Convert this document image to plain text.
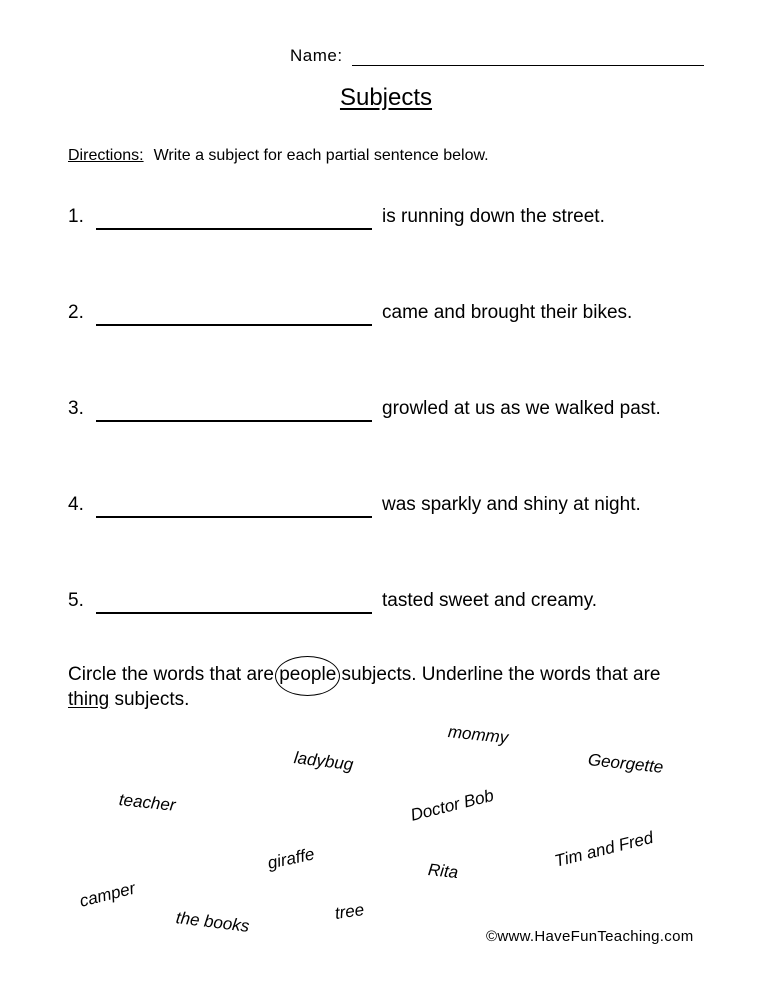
Name:
Subjects
Directions: Write a subject for each partial sentence below.
1.	is running down the street.
2.	came and brought their bikes.
3.	growled at us as we walked past.
4.	was sparkly and shiny at night.
5.	tasted sweet and creamy.
Circle the words that are people subjects. Underline the words that are
thing subjects.
mommy
ladybug	Georgette
teacher	Doctor Bob
giraffe	Tim and Fred
Rita
camper
tree
the books
©www.HaveFunTeaching.com
